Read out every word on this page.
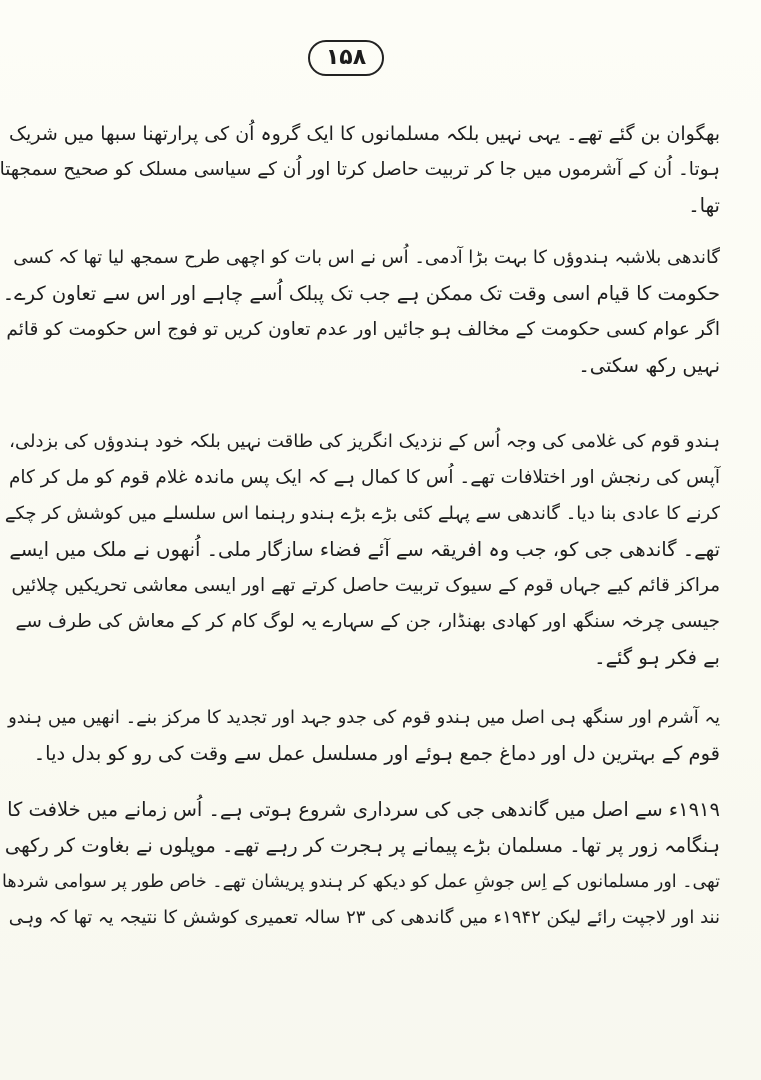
۱۵۸
بھگوان بن گئے تھے۔ یہی نہیں بلکہ مسلمانوں کا ایک گروہ اُن کی پرارتھنا سبھا میں شریک
ہوتا۔ اُن کے آشرموں میں جا کر تربیت حاصل کرتا اور اُن کے سیاسی مسلک کو صحیح سمجھتا
تھا۔
گاندھی بلاشبہ ہندوؤں کا بہت بڑا آدمی۔ اُس نے اس بات کو اچھی طرح سمجھ لیا تھا کہ کسی
حکومت کا قیام اسی وقت تک ممکن ہے جب تک پبلک اُسے چاہے اور اس سے تعاون کرے۔
اگر عوام کسی حکومت کے مخالف ہو جائیں اور عدم تعاون کریں تو فوج اس حکومت کو قائم
نہیں رکھ سکتی۔
ہندو قوم کی غلامی کی وجہ اُس کے نزدیک انگریز کی طاقت نہیں بلکہ خود ہندوؤں کی بزدلی،
آپس کی رنجش اور اختلافات تھے۔ اُس کا کمال ہے کہ ایک پس ماندہ غلام قوم کو مل کر کام
کرنے کا عادی بنا دیا۔ گاندھی سے پہلے کئی بڑے بڑے ہندو رہنما اس سلسلے میں کوشش کر چکے
تھے۔ گاندھی جی کو، جب وہ افریقہ سے آئے فضاء سازگار ملی۔ اُنھوں نے ملک میں ایسے
مراکز قائم کیے جہاں قوم کے سیوک تربیت حاصل کرتے تھے اور ایسی معاشی تحریکیں چلائیں
جیسی چرخہ سنگھ اور کھادی بھنڈار، جن کے سہارے یہ لوگ کام کر کے معاش کی طرف سے
بے فکر ہو گئے۔
یہ آشرم اور سنگھ ہی اصل میں ہندو قوم کی جدو جہد اور تجدید کا مرکز بنے۔ انھیں میں ہندو
قوم کے بہترین دل اور دماغ جمع ہوئے اور مسلسل عمل سے وقت کی رو کو بدل دیا۔
۱۹۱۹ء سے اصل میں گاندھی جی کی سرداری شروع ہوتی ہے۔ اُس زمانے میں خلافت کا
ہنگامہ زور پر تھا۔ مسلمان بڑے پیمانے پر ہجرت کر رہے تھے۔ موپلوں نے بغاوت کر رکھی
تھی۔ اور مسلمانوں کے اِس جوشِ عمل کو دیکھ کر ہندو پریشان تھے۔ خاص طور پر سوامی شردھا
نند اور لاجپت رائے لیکن ۱۹۴۲ء میں گاندھی کی ۲۳ سالہ تعمیری کوشش کا نتیجہ یہ تھا کہ وہی
